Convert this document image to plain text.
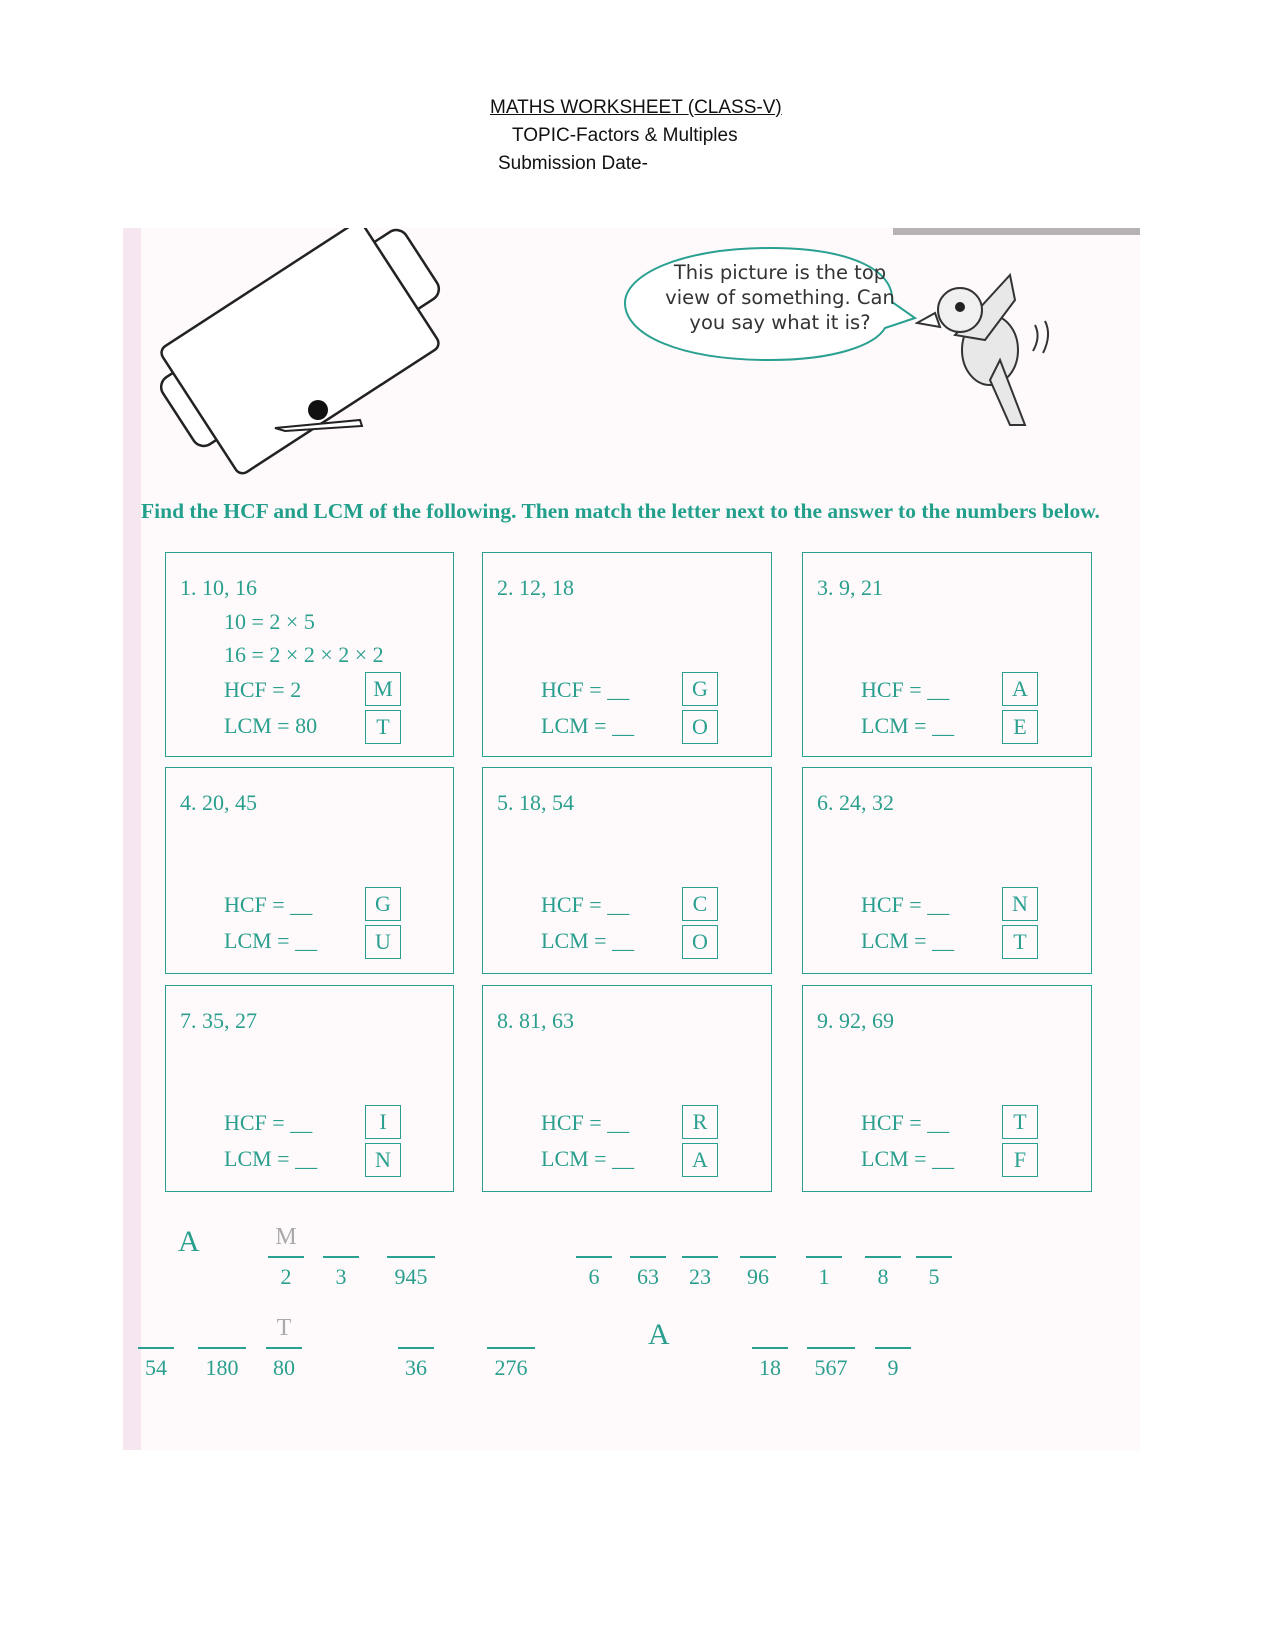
MATHS WORKSHEET (CLASS-V)
TOPIC-Factors & Multiples
Submission Date-
This picture is the top view of something. Can you say what it is?
Find the HCF and LCM of the following. Then match the letter next to the answer to the numbers below.
1. 10, 16
10 = 2 × 5
16 = 2 × 2 × 2 × 2
HCF = 2
LCM = 80
M
T
2. 12, 18
HCF = __
LCM = __
G
O
3. 9, 21
HCF = __
LCM = __
A
E
4. 20, 45
HCF = __
LCM = __
G
U
5. 18, 54
HCF = __
LCM = __
C
O
6. 24, 32
HCF = __
LCM = __
N
T
7. 35, 27
HCF = __
LCM = __
I
N
8. 81, 63
HCF = __
LCM = __
R
A
9. 92, 69
HCF = __
LCM = __
T
F
A	M
2	3	945	6	63	23	96	1	8	5
54	180
T
80	36	276
A
18	567	9
